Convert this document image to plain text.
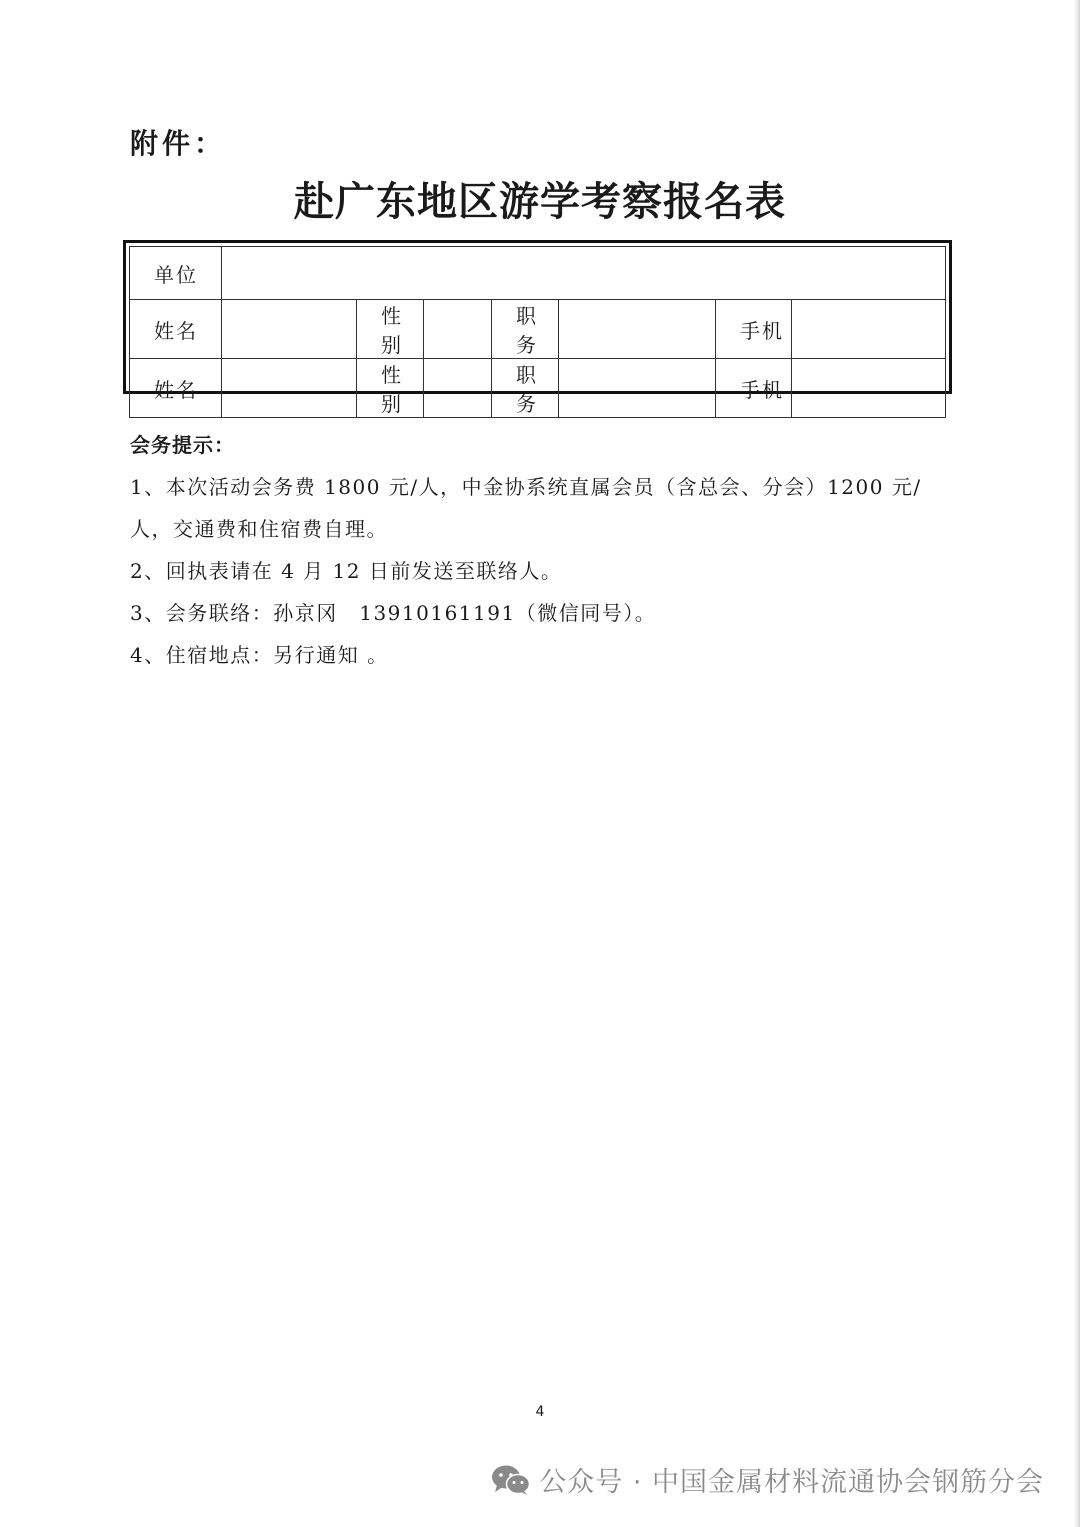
附件：
赴广东地区游学考察报名表
单位							
姓名		性别		职务		手机	
姓名		性别		职务		手机	

会务提示：

1、本次活动会务费 1800 元/人，中金协系统直属会员（含总会、分会）1200 元/人，交通费和住宿费自理。

2、回执表请在 4 月 12 日前发送至联络人。

3、会务联络：孙京冈　13910161191（微信同号）。

4、住宿地点：另行通知 。

4
公众号 · 中国金属材料流通协会钢筋分会
